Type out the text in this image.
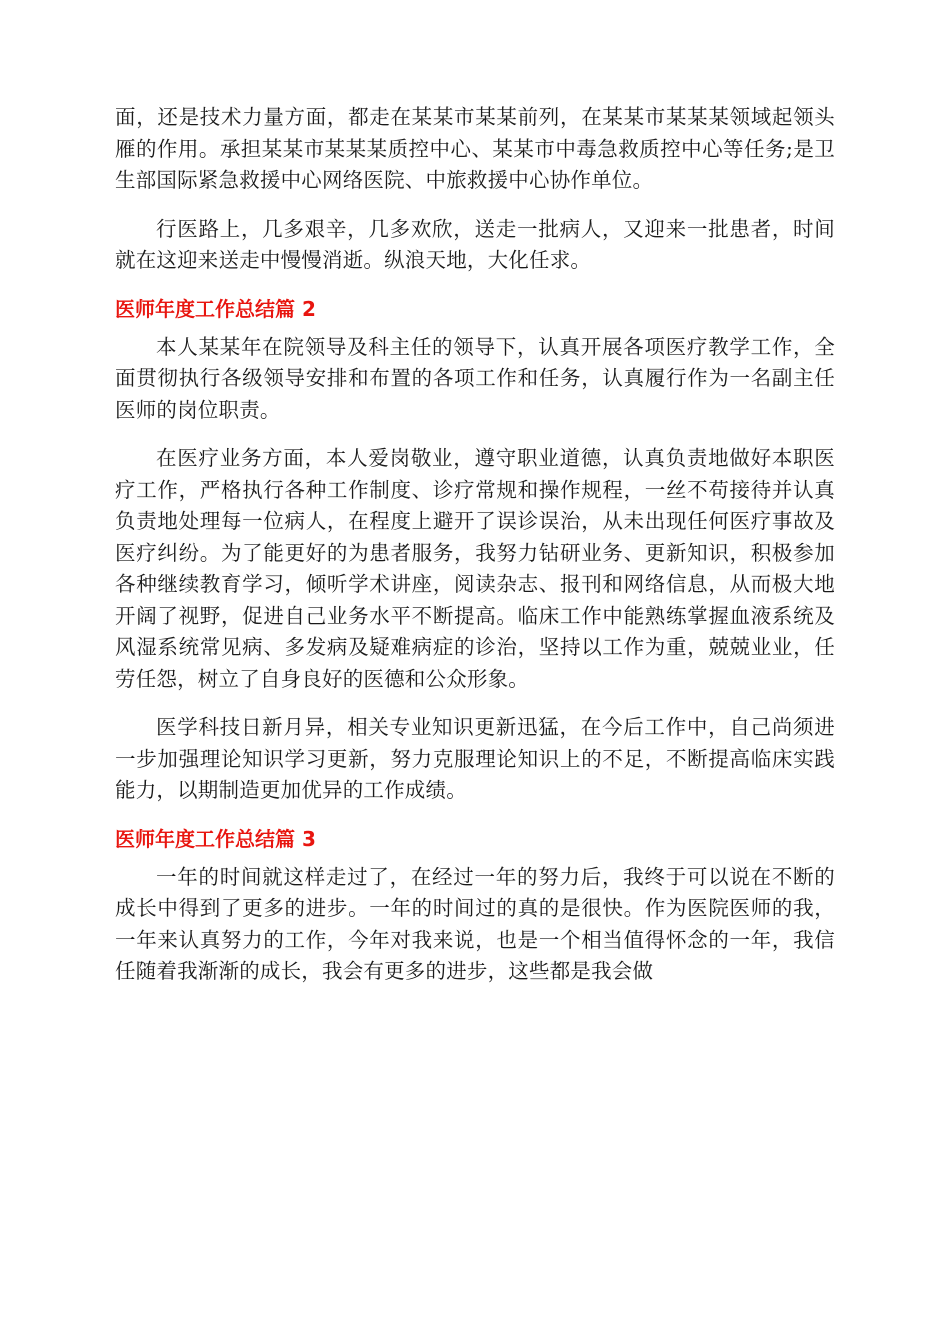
面，还是技术力量方面，都走在某某市某某前列，在某某市某某某领域起领头雁的作用。承担某某市某某某质控中心、某某市中毒急救质控中心等任务;是卫生部国际紧急救援中心网络医院、中旅救援中心协作单位。

行医路上，几多艰辛，几多欢欣，送走一批病人，又迎来一批患者，时间就在这迎来送走中慢慢消逝。纵浪天地，大化任求。

医师年度工作总结篇 2

本人某某年在院领导及科主任的领导下，认真开展各项医疗教学工作，全面贯彻执行各级领导安排和布置的各项工作和任务，认真履行作为一名副主任医师的岗位职责。

在医疗业务方面，本人爱岗敬业，遵守职业道德，认真负责地做好本职医疗工作，严格执行各种工作制度、诊疗常规和操作规程，一丝不苟接待并认真负责地处理每一位病人，在程度上避开了误诊误治，从未出现任何医疗事故及医疗纠纷。为了能更好的为患者服务，我努力钻研业务、更新知识，积极参加各种继续教育学习，倾听学术讲座，阅读杂志、报刊和网络信息，从而极大地开阔了视野，促进自己业务水平不断提高。临床工作中能熟练掌握血液系统及风湿系统常见病、多发病及疑难病症的诊治，坚持以工作为重，兢兢业业，任劳任怨，树立了自身良好的医德和公众形象。

医学科技日新月异，相关专业知识更新迅猛，在今后工作中，自己尚须进一步加强理论知识学习更新，努力克服理论知识上的不足，不断提高临床实践能力，以期制造更加优异的工作成绩。

医师年度工作总结篇 3

一年的时间就这样走过了，在经过一年的努力后，我终于可以说在不断的成长中得到了更多的进步。一年的时间过的真的是很快。作为医院医师的我，一年来认真努力的工作，今年对我来说，也是一个相当值得怀念的一年，我信任随着我渐渐的成长，我会有更多的进步，这些都是我会做
